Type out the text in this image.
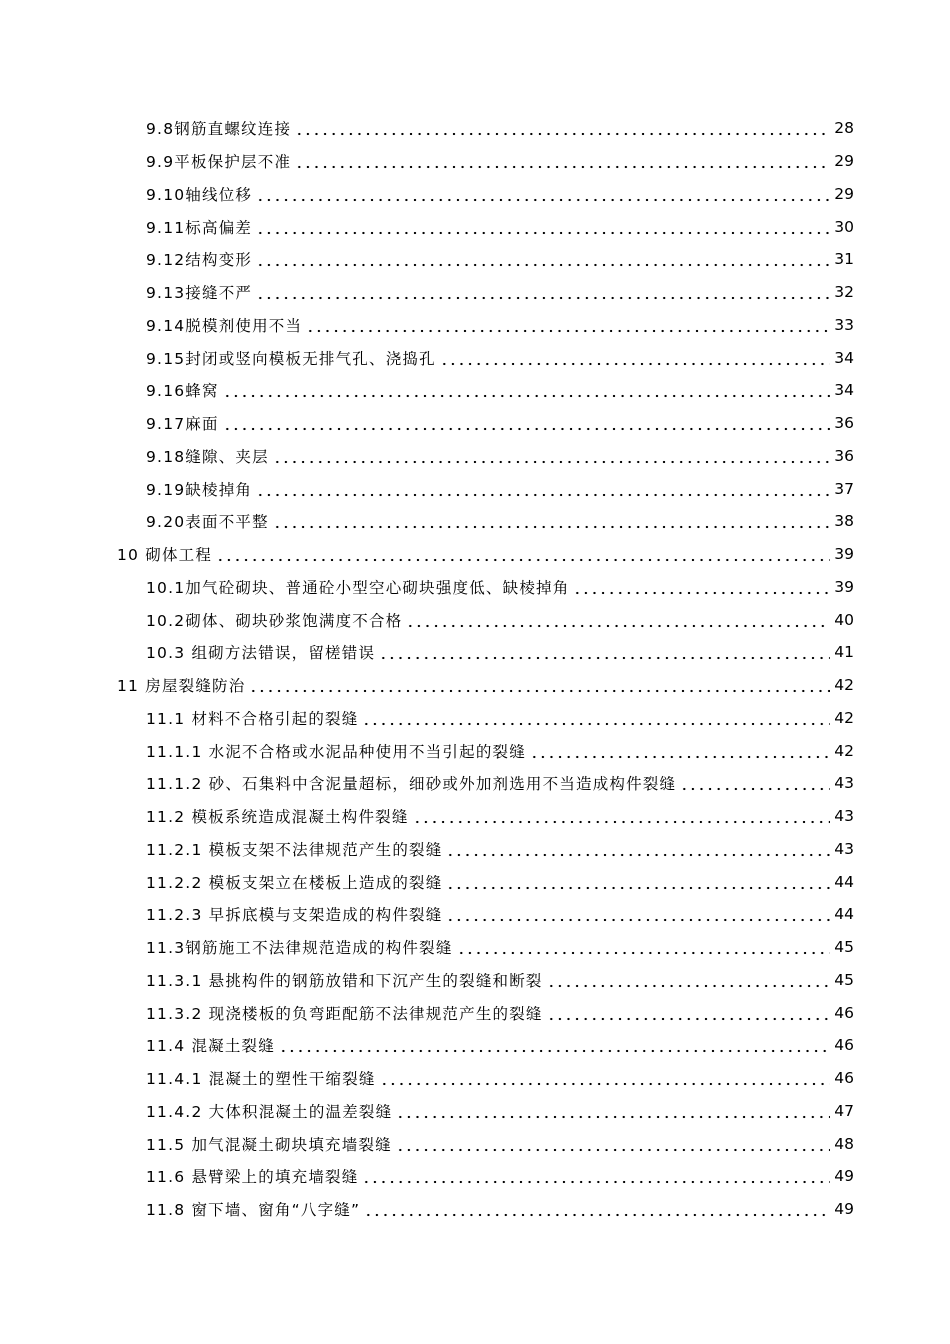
9.8钢筋直螺纹连接	28
9.9平板保护层不准	29
9.10轴线位移	29
9.11标高偏差	30
9.12结构变形	31
9.13接缝不严	32
9.14脱模剂使用不当	33
9.15封闭或竖向模板无排气孔、浇捣孔	34
9.16蜂窝	34
9.17麻面	36
9.18缝隙、夹层	36
9.19缺棱掉角	37
9.20表面不平整	38
10 砌体工程	39
10.1加气砼砌块、普通砼小型空心砌块强度低、缺棱掉角	39
10.2砌体、砌块砂浆饱满度不合格	40
10.3 组砌方法错误，留槎错误	41
11 房屋裂缝防治	42
11.1 材料不合格引起的裂缝	42
11.1.1 水泥不合格或水泥品种使用不当引起的裂缝	42
11.1.2 砂、石集料中含泥量超标，细砂或外加剂选用不当造成构件裂缝	43
11.2 模板系统造成混凝土构件裂缝	43
11.2.1 模板支架不法律规范产生的裂缝	43
11.2.2 模板支架立在楼板上造成的裂缝	44
11.2.3 早拆底模与支架造成的构件裂缝	44
11.3钢筋施工不法律规范造成的构件裂缝	45
11.3.1 悬挑构件的钢筋放错和下沉产生的裂缝和断裂	45
11.3.2 现浇楼板的负弯距配筋不法律规范产生的裂缝	46
11.4 混凝土裂缝	46
11.4.1 混凝土的塑性干缩裂缝	46
11.4.2 大体积混凝土的温差裂缝	47
11.5 加气混凝土砌块填充墙裂缝	48
11.6 悬臂梁上的填充墙裂缝	49
11.8 窗下墙、窗角“八字缝”	49
